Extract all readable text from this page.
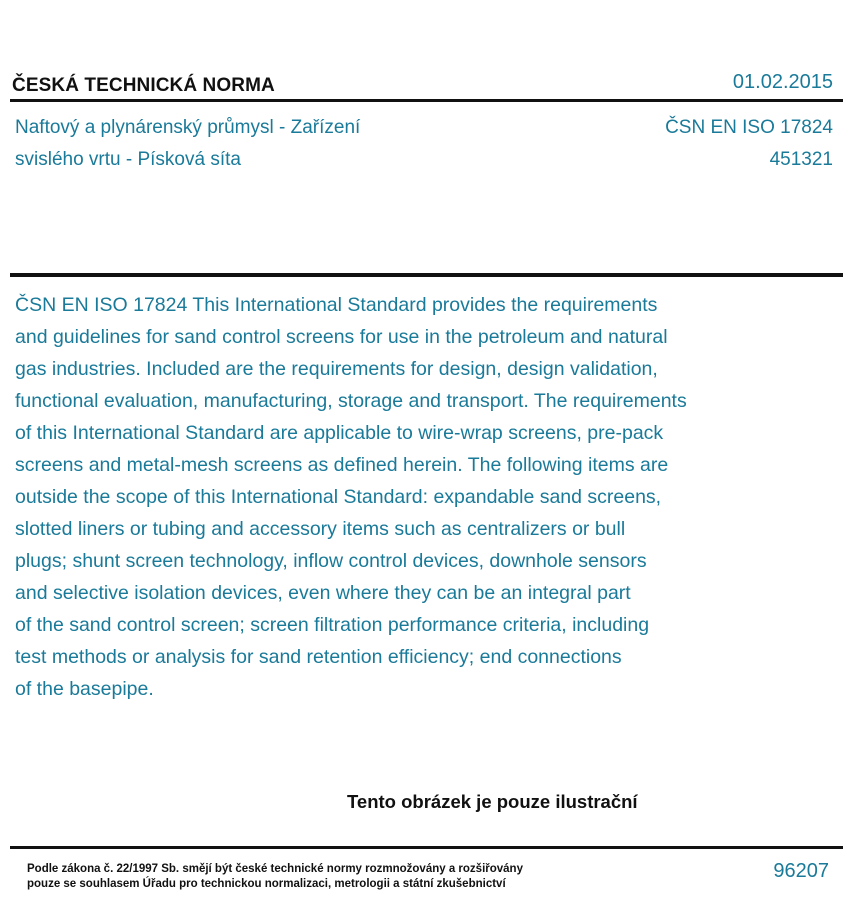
ČESKÁ TECHNICKÁ NORMA	01.02.2015
Naftový a plynárenský průmysl - Zařízení
svislého vrtu - Písková síta
ČSN EN ISO 17824
451321
ČSN EN ISO 17824 This International Standard provides the requirements
and guidelines for sand control screens for use in the petroleum and natural
gas industries. Included are the requirements for design, design validation,
functional evaluation, manufacturing, storage and transport. The requirements
of this International Standard are applicable to wire-wrap screens, pre-pack
screens and metal-mesh screens as defined herein. The following items are
outside the scope of this International Standard: expandable sand screens,
slotted liners or tubing and accessory items such as centralizers or bull
plugs; shunt screen technology, inflow control devices, downhole sensors
and selective isolation devices, even where they can be an integral part
of the sand control screen; screen filtration performance criteria, including
test methods or analysis for sand retention efficiency; end connections
of the basepipe.
Tento obrázek je pouze ilustrační
Podle zákona č. 22/1997 Sb. smějí být české technické normy rozmnožovány a rozšiřovány
pouze se souhlasem Úřadu pro technickou normalizaci, metrologii a státní zkušebnictví
96207
